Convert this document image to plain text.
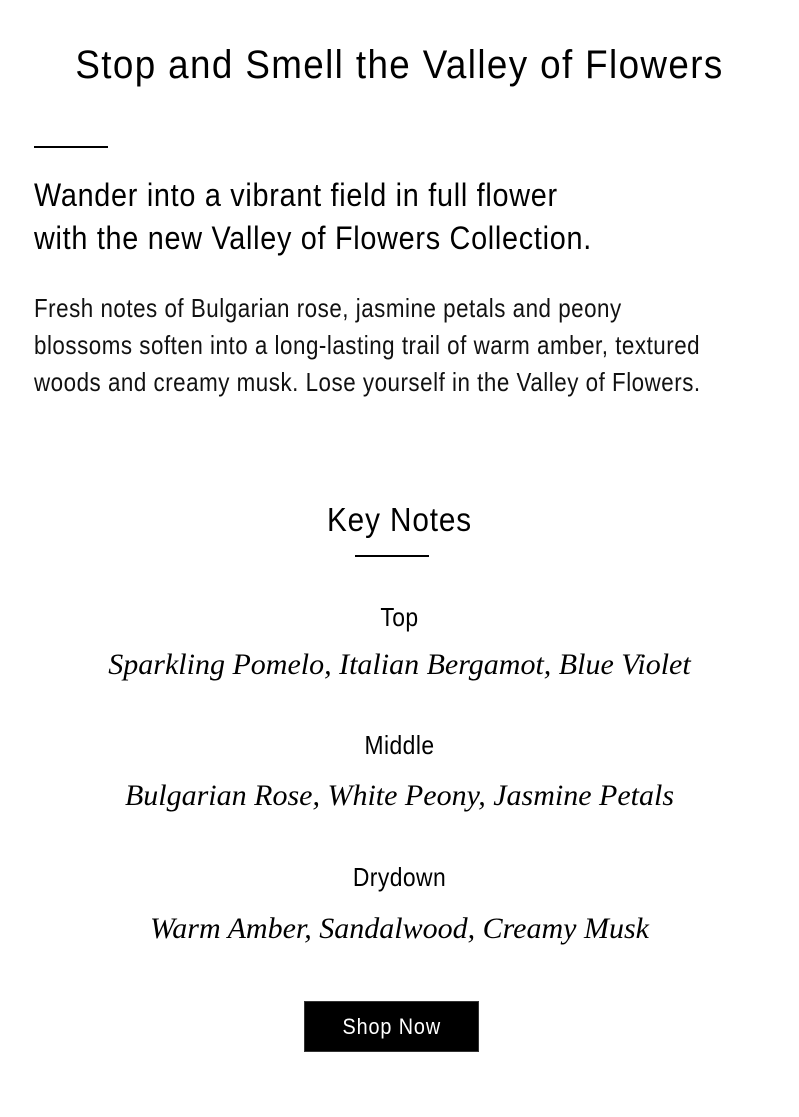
Stop and Smell the Valley of Flowers
Wander into a vibrant field in full flower
with the new Valley of Flowers Collection.

Fresh notes of Bulgarian rose, jasmine petals and peony blossoms soften into a long-lasting trail of warm amber, textured woods and creamy musk. Lose yourself in the Valley of Flowers.

Key Notes
Top
Sparkling Pomelo, Italian Bergamot, Blue Violet
Middle
Bulgarian Rose, White Peony, Jasmine Petals
Drydown
Warm Amber, Sandalwood, Creamy Musk
Shop Now
